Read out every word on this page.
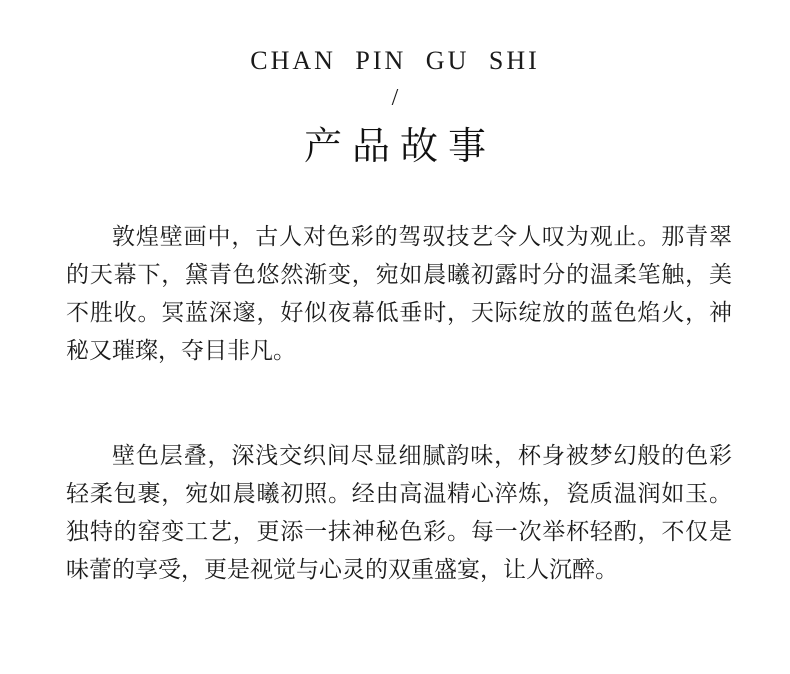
CHAN PIN GU SHI
/
产品故事

敦煌壁画中，古人对色彩的驾驭技艺令人叹为观止。那青翠的天幕下，黛青色悠然渐变，宛如晨曦初露时分的温柔笔触，美不胜收。冥蓝深邃，好似夜幕低垂时，天际绽放的蓝色焰火，神秘又璀璨，夺目非凡。

壁色层叠，深浅交织间尽显细腻韵味，杯身被梦幻般的色彩轻柔包裹，宛如晨曦初照。经由高温精心淬炼，瓷质温润如玉。独特的窑变工艺，更添一抹神秘色彩。每一次举杯轻酌，不仅是味蕾的享受，更是视觉与心灵的双重盛宴，让人沉醉。
